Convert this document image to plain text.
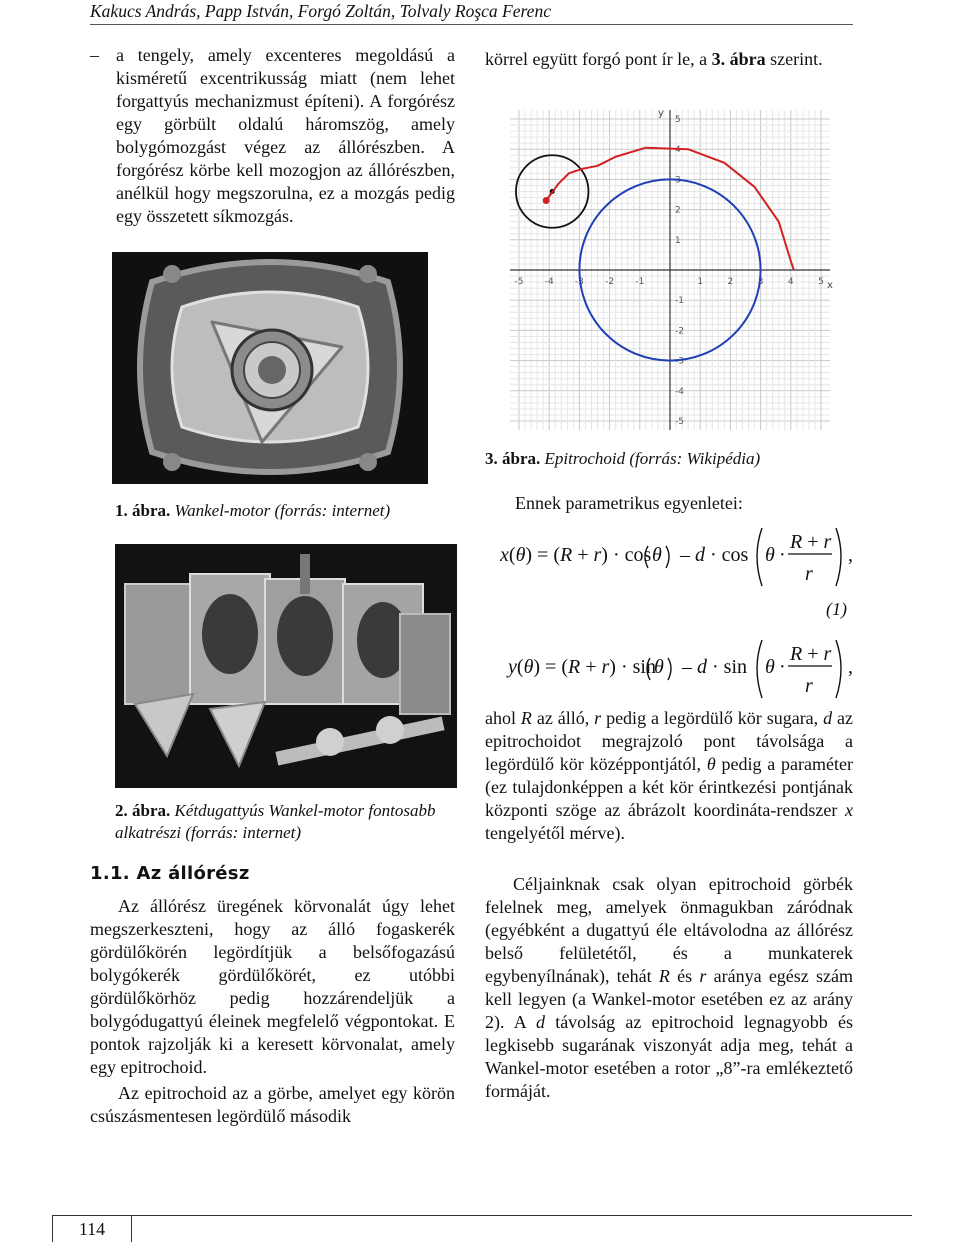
Kakucs András, Papp István, Forgó Zoltán, Tolvaly Roşca Ferenc
– a tengely, amely excenteres megoldású a kisméretű excentrikusság miatt (nem lehet forgattyús mechanizmust építeni). A forgórész egy görbült oldalú háromszög, amely bolygómozgást végez az állórészben. A forgórész körbe kell mozogjon az állórészben, anélkül hogy megszorulna, ez a mozgás pedig egy összetett síkmozgás.
1. ábra. Wankel-motor (forrás: internet)
2. ábra. Kétdugattyús Wankel-motor fontosabb alkatrészi (forrás: internet)
1.1. Az állórész
Az állórész üregének körvonalát úgy lehet megszerkeszteni, hogy az álló fogaskerék gördülőkörén legördítjük a belsőfogazású bolygókerék gördülőkörét, ez utóbbi gördülőkörhöz pedig hozzárendeljük a bolygódugattyú éleinek megfelelő végpontokat. E pontok rajzolják ki a keresett körvonalat, amely egy epitrochoid.
Az epitrochoid az a görbe, amelyet egy körön csúszásmentesen legördülő második
körrel együtt forgó pont ír le, a 3. ábra szerint.
x
y
-5 -4 -3 -2 -1	1	2	3	4	5
5
4
3
2
1
-1
-2
-3
-4
-5
3. ábra. Epitrochoid (forrás: Wikipédia)
Ennek parametrikus egyenletei:
x(θ) = (R + r) · cos θ – d · cos θ ·
R + r
r
,
(1)
y(θ) = (R + r) · sin
θ – d · sin θ ·
R + r
r
,
ahol R az álló, r pedig a legördülő kör sugara, d az epitrochoidot megrajzoló pont távolsága a legördülő kör középpontjától, θ pedig a paraméter (ez tulajdonképpen a két kör érintkezési pontjának központi szöge az ábrázolt koordináta-rendszer x tengelyétől mérve).
Céljainknak csak olyan epitrochoid görbék felelnek meg, amelyek önmagukban záródnak (egyébként a dugattyú éle eltávolodna az állórész belső felületétől, és a munkaterek egybenyílnának), tehát R és r aránya egész szám kell legyen (a Wankel-motor esetében ez az arány 2). A d távolság az epitrochoid legnagyobb és legkisebb sugarának viszonyát adja meg, tehát a Wankel-motor esetében a rotor „8”-ra emlékeztető formáját.
114
